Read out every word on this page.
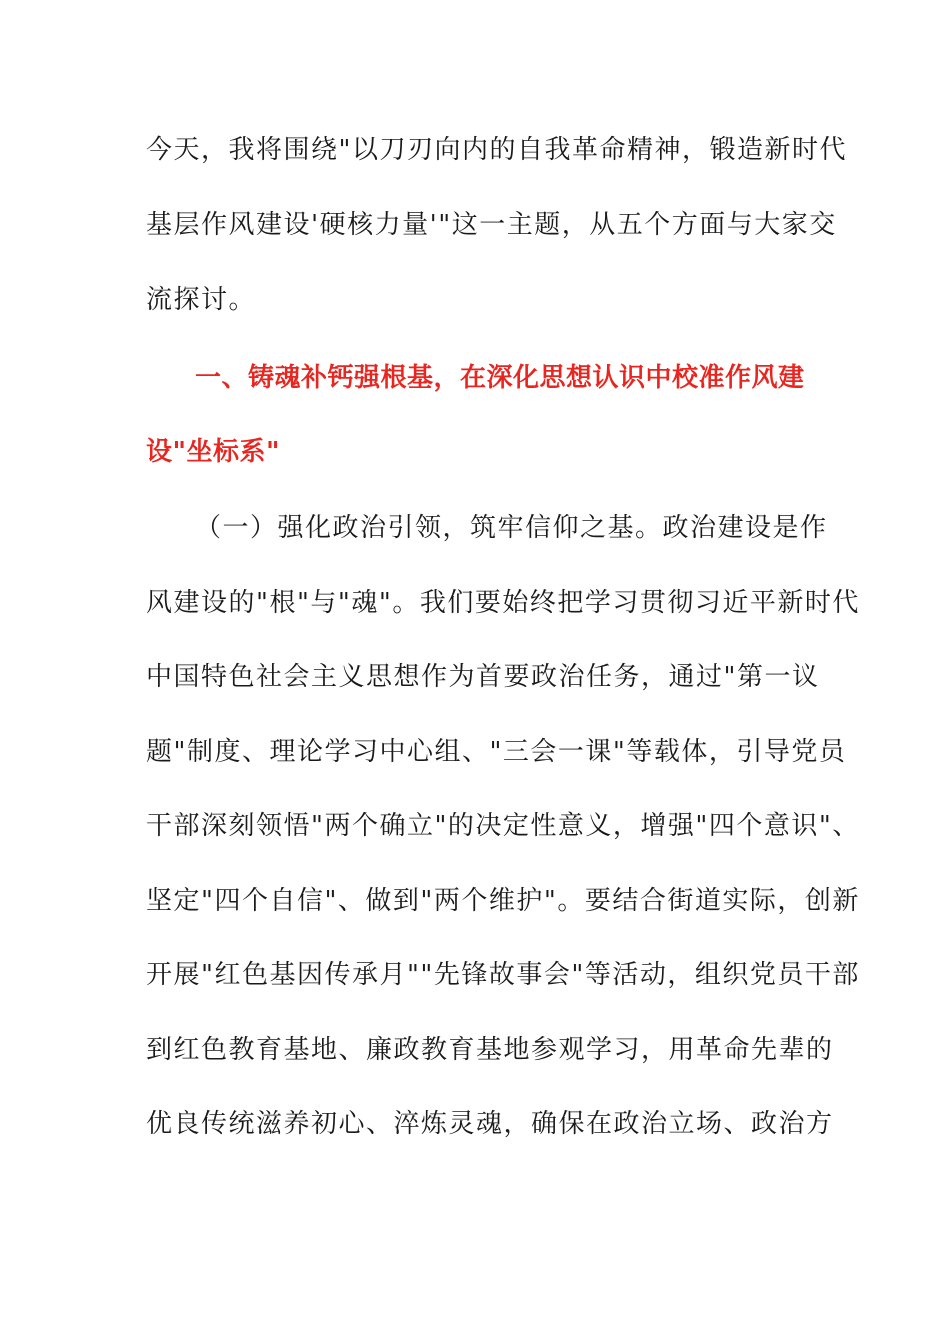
今天，我将围绕"以刀刃向内的自我革命精神，锻造新时代
基层作风建设'硬核力量'"这一主题，从五个方面与大家交
流探讨。
一、铸魂补钙强根基，在深化思想认识中校准作风建
设"坐标系"
（一）强化政治引领，筑牢信仰之基。政治建设是作
风建设的"根"与"魂"。我们要始终把学习贯彻习近平新时代
中国特色社会主义思想作为首要政治任务，通过"第一议
题"制度、理论学习中心组、"三会一课"等载体，引导党员
干部深刻领悟"两个确立"的决定性意义，增强"四个意识"、
坚定"四个自信"、做到"两个维护"。要结合街道实际，创新
开展"红色基因传承月""先锋故事会"等活动，组织党员干部
到红色教育基地、廉政教育基地参观学习，用革命先辈的
优良传统滋养初心、淬炼灵魂，确保在政治立场、政治方
